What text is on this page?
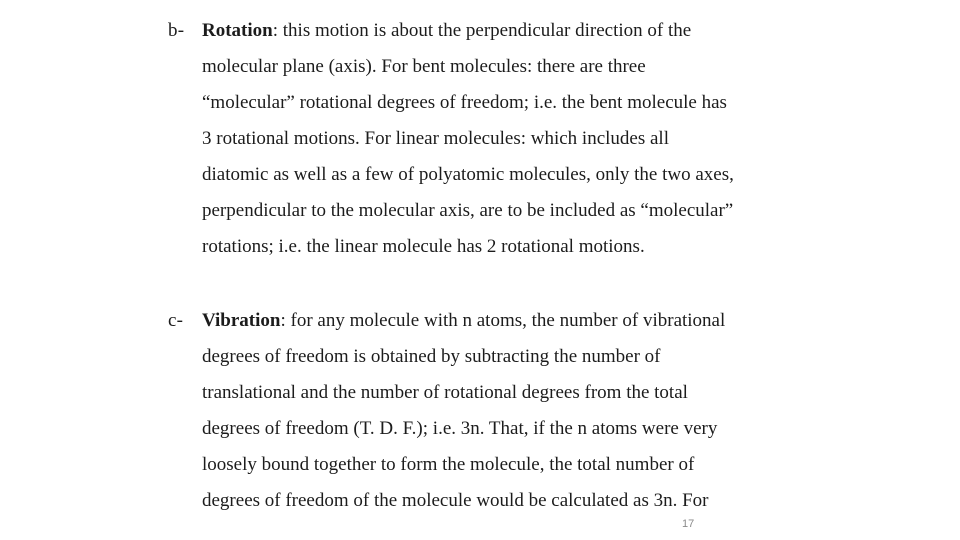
b- Rotation: this motion is about the perpendicular direction of the
molecular plane (axis). For bent molecules: there are three
“molecular” rotational degrees of freedom; i.e. the bent molecule has
3 rotational motions. For linear molecules: which includes all
diatomic as well as a few of polyatomic molecules, only the two axes,
perpendicular to the molecular axis, are to be included as “molecular”
rotations; i.e. the linear molecule has 2 rotational motions.
c- Vibration: for any molecule with n atoms, the number of vibrational
degrees of freedom is obtained by subtracting the number of
translational and the number of rotational degrees from the total
degrees of freedom (T. D. F.); i.e. 3n. That, if the n atoms were very
loosely bound together to form the molecule, the total number of
degrees of freedom of the molecule would be calculated as 3n. For
17
